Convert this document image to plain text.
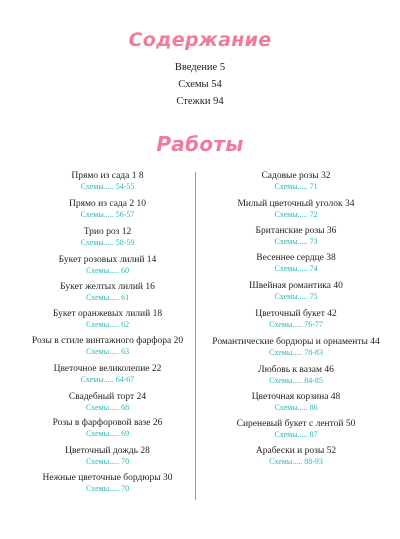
Содержание
Введение 5
Схемы 54
Стежки 94
Работы
Прямо из сада 1 8
Схемы..... 54-55
Прямо из сада 2 10
Схемы..... 56-57
Трио роз 12
Схемы..... 58-59
Букет розовых лилий 14
Схемы..... 60
Букет желтых лилий 16
Схемы..... 61
Букет оранжевых лилий 18
Схемы..... 62
Розы в стиле винтажного фарфора 20
Схемы..... 63
Цветочное великолепие 22
Схемы..... 64-67
Свадебный торт 24
Схемы..... 68
Розы в фарфоровой вазе 26
Схемы..... 69
Цветочный дождь 28
Схемы..... 70
Нежные цветочные бордюры 30
Схемы..... 70
Садовые розы 32
Схемы..... 71
Милый цветочный уголок 34
Схемы..... 72
Британские розы 36
Схемы..... 73
Весеннее сердце 38
Схемы..... 74
Швейная романтика 40
Схемы..... 75
Цветочный букет 42
Схемы..... 76-77
Романтические бордюры и орнаменты 44
Схемы..... 78-83
Любовь к вазам 46
Схемы..... 84-85
Цветочная корзина 48
Схемы..... 86
Сиреневый букет с лентой 50
Схемы..... 87
Арабески и розы 52
Схемы..... 88-93
